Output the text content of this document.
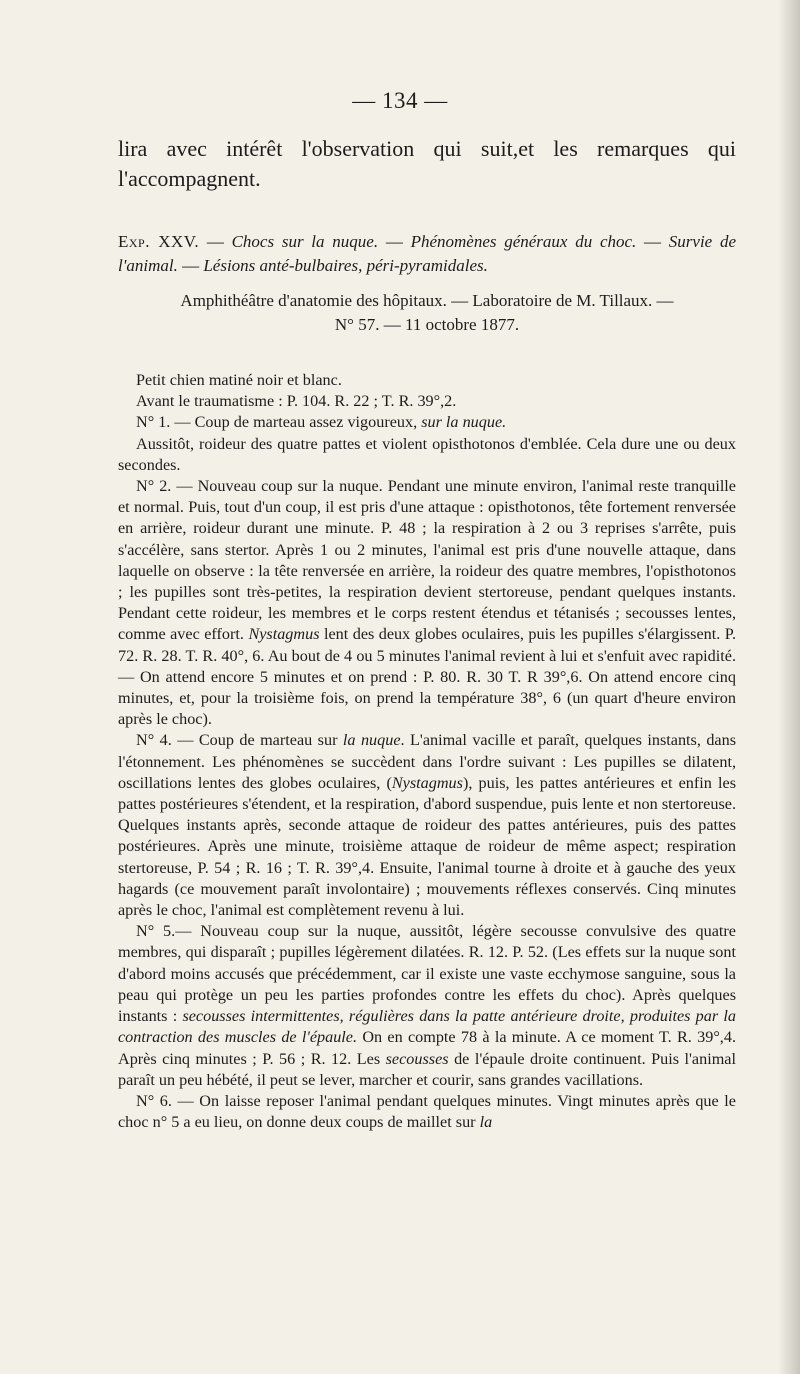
— 134 —
lira avec intérêt l'observation qui suit,et les remarques qui l'accompagnent.
Exp. XXV. — Chocs sur la nuque. — Phénomènes généraux du choc. — Survie de l'animal. — Lésions anté-bulbaires, péri-pyramidales.
Amphithéâtre d'anatomie des hôpitaux. — Laboratoire de M. Tillaux. —
N° 57. — 11 octobre 1877.

Petit chien matiné noir et blanc.

Avant le traumatisme : P. 104. R. 22 ; T. R. 39°,2.

N° 1. — Coup de marteau assez vigoureux, sur la nuque.

Aussitôt, roideur des quatre pattes et violent opisthotonos d'emblée. Cela dure une ou deux secondes.

N° 2. — Nouveau coup sur la nuque. Pendant une minute environ, l'animal reste tranquille et normal. Puis, tout d'un coup, il est pris d'une attaque : opisthotonos, tête fortement renversée en arrière, roideur durant une minute. P. 48 ; la respiration à 2 ou 3 reprises s'arrête, puis s'accélère, sans stertor. Après 1 ou 2 minutes, l'animal est pris d'une nouvelle attaque, dans laquelle on observe : la tête renversée en arrière, la roideur des quatre membres, l'opisthotonos ; les pupilles sont très-petites, la respiration devient stertoreuse, pendant quelques instants. Pendant cette roideur, les membres et le corps restent étendus et tétanisés ; secousses lentes, comme avec effort. Nystagmus lent des deux globes oculaires, puis les pupilles s'élargissent. P. 72. R. 28. T. R. 40°, 6. Au bout de 4 ou 5 minutes l'animal revient à lui et s'enfuit avec rapidité.— On attend encore 5 minutes et on prend : P. 80. R. 30 T. R 39°,6. On attend encore cinq minutes, et, pour la troisième fois, on prend la température 38°, 6 (un quart d'heure environ après le choc).

N° 4. — Coup de marteau sur la nuque. L'animal vacille et paraît, quelques instants, dans l'étonnement. Les phénomènes se succèdent dans l'ordre suivant : Les pupilles se dilatent, oscillations lentes des globes oculaires, (Nystagmus), puis, les pattes antérieures et enfin les pattes postérieures s'étendent, et la respiration, d'abord suspendue, puis lente et non stertoreuse. Quelques instants après, seconde attaque de roideur des pattes antérieures, puis des pattes postérieures. Après une minute, troisième attaque de roideur de même aspect; respiration stertoreuse, P. 54 ; R. 16 ; T. R. 39°,4. Ensuite, l'animal tourne à droite et à gauche des yeux hagards (ce mouvement paraît involontaire) ; mouvements réflexes conservés. Cinq minutes après le choc, l'animal est complètement revenu à lui.

N° 5.— Nouveau coup sur la nuque, aussitôt, légère secousse convulsive des quatre membres, qui disparaît ; pupilles légèrement dilatées. R. 12. P. 52. (Les effets sur la nuque sont d'abord moins accusés que précédemment, car il existe une vaste ecchymose sanguine, sous la peau qui protège un peu les parties profondes contre les effets du choc). Après quelques instants : secousses intermittentes, régulières dans la patte antérieure droite, produites par la contraction des muscles de l'épaule. On en compte 78 à la minute. A ce moment T. R. 39°,4. Après cinq minutes ; P. 56 ; R. 12. Les secousses de l'épaule droite continuent. Puis l'animal paraît un peu hébété, il peut se lever, marcher et courir, sans grandes vacillations.

N° 6. — On laisse reposer l'animal pendant quelques minutes. Vingt minutes après que le choc n° 5 a eu lieu, on donne deux coups de maillet sur la
